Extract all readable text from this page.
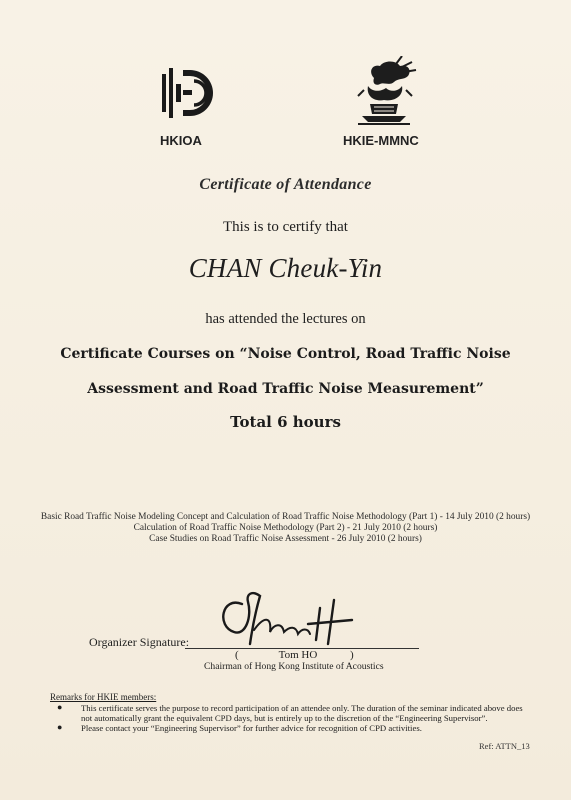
HKIOA	HKIE-MMNC
Certificate of Attendance
This is to certify that
CHAN Cheuk-Yin
has attended the lectures on
Certificate Courses on “Noise Control, Road Traffic Noise
Assessment and Road Traffic Noise Measurement”
Total 6 hours
Basic Road Traffic Noise Modeling Concept and Calculation of Road Traffic Noise Methodology (Part 1) - 14 July 2010 (2 hours)
Calculation of Road Traffic Noise Methodology (Part 2) - 21 July 2010 (2 hours)
Case Studies on Road Traffic Noise Assessment - 26 July 2010 (2 hours)
Organizer Signature:
(	Tom HO	)
Chairman of Hong Kong Institute of Acoustics
Remarks for HKIE members:
● This certificate serves the purpose to record participation of an attendee only. The duration of the seminar indicated above does not automatically grant the equivalent CPD days, but is entirely up to the discretion of the “Engineering Supervisor”.
● Please contact your “Engineering Supervisor” for further advice for recognition of CPD activities.
Ref: ATTN_13
